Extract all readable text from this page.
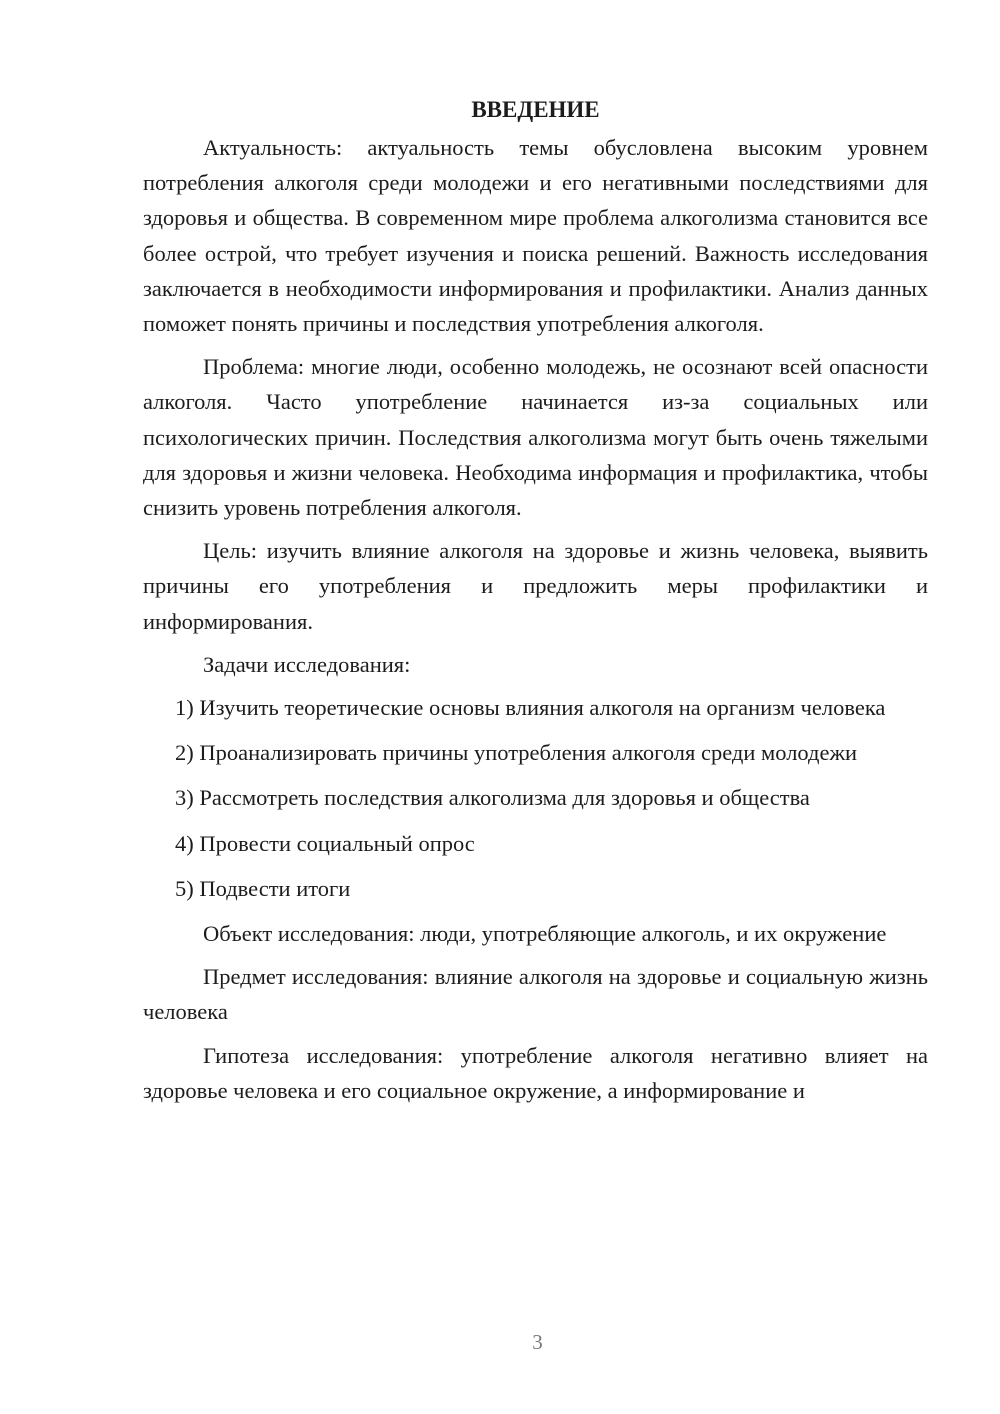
ВВЕДЕНИЕ

Актуальность: актуальность темы обусловлена высоким уровнем потребления алкоголя среди молодежи и его негативными последствиями для здоровья и общества. В современном мире проблема алкоголизма становится все более острой, что требует изучения и поиска решений. Важность исследования заключается в необходимости информирования и профилактики. Анализ данных поможет понять причины и последствия употребления алкоголя.

Проблема: многие люди, особенно молодежь, не осознают всей опасности алкоголя. Часто употребление начинается из-за социальных или психологических причин. Последствия алкоголизма могут быть очень тяжелыми для здоровья и жизни человека. Необходима информация и профилактика, чтобы снизить уровень потребления алкоголя.

Цель: изучить влияние алкоголя на здоровье и жизнь человека, выявить причины его употребления и предложить меры профилактики и информирования.

Задачи исследования:

1) Изучить теоретические основы влияния алкоголя на организм человека

2) Проанализировать причины употребления алкоголя среди молодежи

3) Рассмотреть последствия алкоголизма для здоровья и общества

4) Провести социальный опрос

5) Подвести итоги

Объект исследования: люди, употребляющие алкоголь, и их окружение

Предмет исследования: влияние алкоголя на здоровье и социальную жизнь человека

Гипотеза исследования: употребление алкоголя негативно влияет на здоровье человека и его социальное окружение, а информирование и

3
